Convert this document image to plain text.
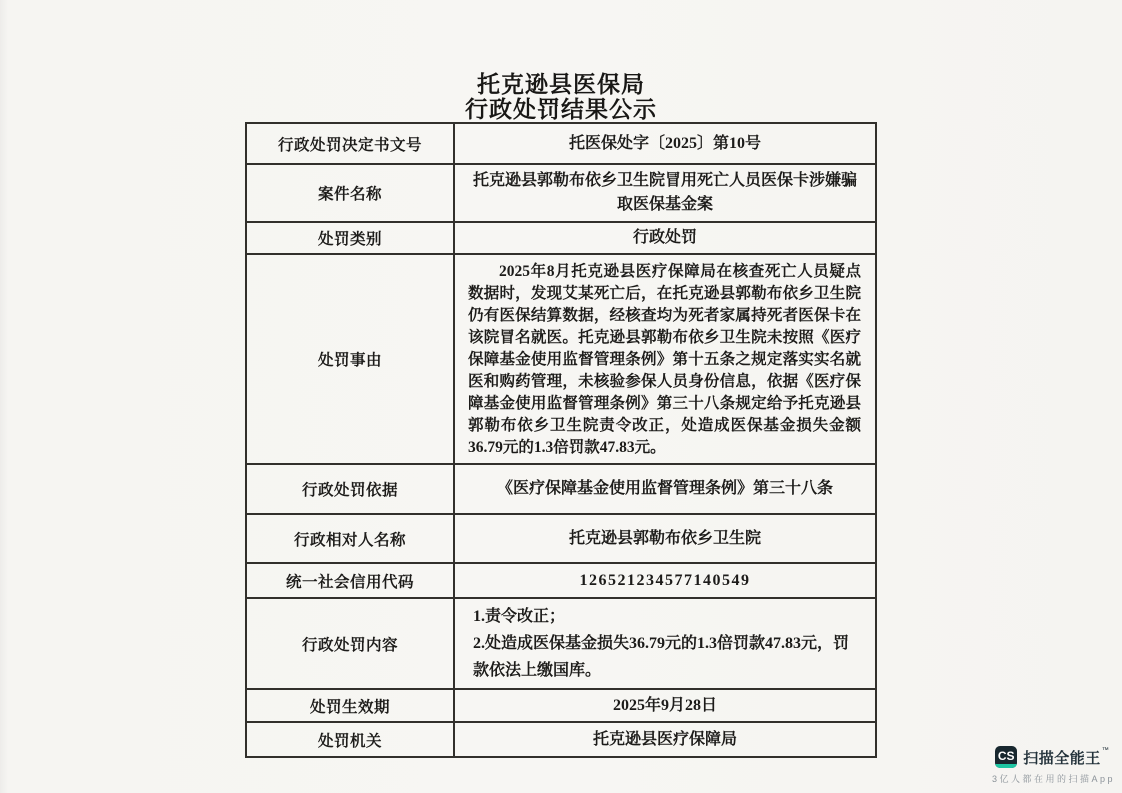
托克逊县医保局
行政处罚结果公示
行政处罚决定书文号	托医保处字〔2025〕第10号
案件名称	托克逊县郭勒布依乡卫生院冒用死亡人员医保卡涉嫌骗取医保基金案
处罚类别	行政处罚
处罚事由	2025年8月托克逊县医疗保障局在核查死亡人员疑点数据时，发现艾某死亡后，在托克逊县郭勒布依乡卫生院仍有医保结算数据，经核查均为死者家属持死者医保卡在该院冒名就医。托克逊县郭勒布依乡卫生院未按照《医疗保障基金使用监督管理条例》第十五条之规定落实实名就医和购药管理，未核验参保人员身份信息，依据《医疗保障基金使用监督管理条例》第三十八条规定给予托克逊县郭勒布依乡卫生院责令改正，处造成医保基金损失金额36.79元的1.3倍罚款47.83元。

行政处罚依据	《医疗保障基金使用监督管理条例》第三十八条
行政相对人名称	托克逊县郭勒布依乡卫生院
统一社会信用代码	126521234577140549
行政处罚内容	1.责令改正；
2.处造成医保基金损失36.79元的1.3倍罚款47.83元，罚款依法上缴国库。

处罚生效期	2025年9月28日
处罚机关	托克逊县医疗保障局
CS 扫描全能王 ™
3亿人都在用的扫描App
